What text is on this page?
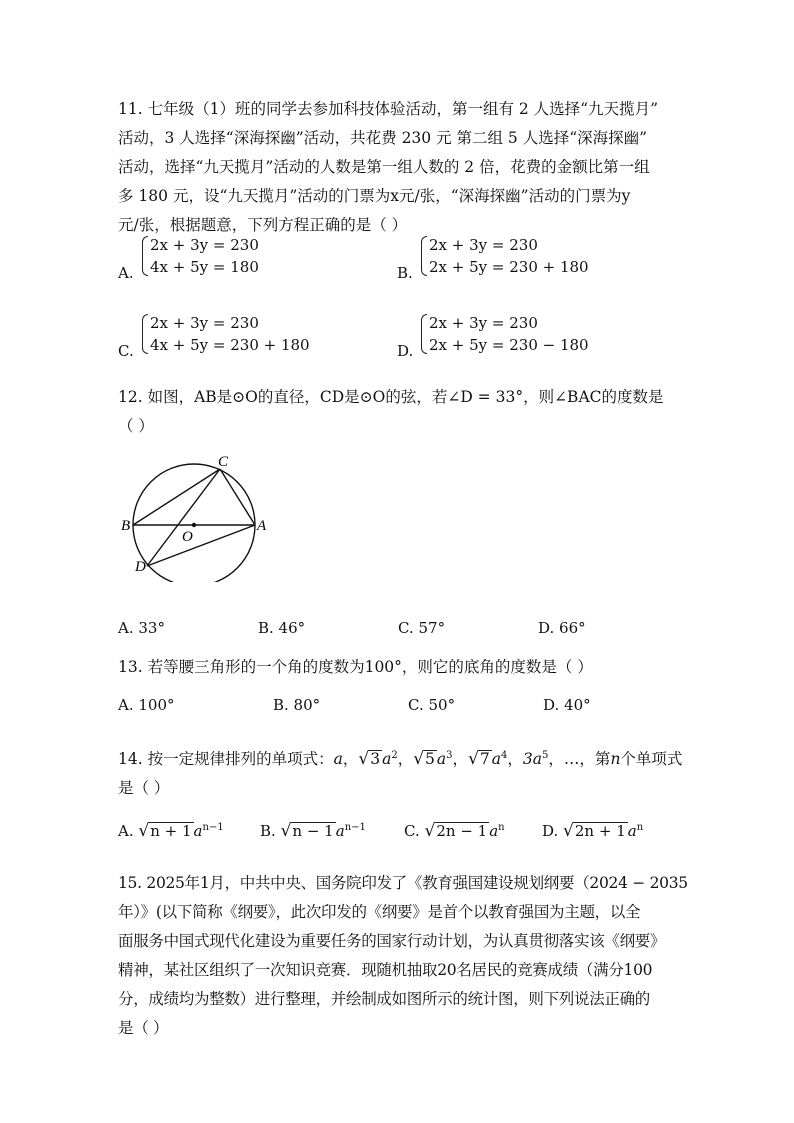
11. 七年级（1）班的同学去参加科技体验活动，第一组有 2 人选择“九天揽月”
活动，3 人选择“深海探幽”活动，共花费 230 元 第二组 5 人选择“深海探幽”
活动，选择“九天揽月”活动的人数是第一组人数的 2 倍，花费的金额比第一组
多 180 元，设“九天揽月”活动的门票为x元/张，“深海探幽”活动的门票为y
元/张，根据题意，下列方程正确的是（ ）
A.
2x + 3y = 230
4x + 5y = 180	B.
2x + 3y = 230
2x + 5y = 230 + 180
C.
2x + 3y = 230
4x + 5y = 230 + 180	D.
2x + 3y = 230
2x + 5y = 230 − 180
12. 如图，AB是⊙O的直径，CD是⊙O的弦，若∠D = 33°，则∠BAC的度数是
（ ）
C
B	A
O
D
A. 33°	B. 46°	C. 57°	D. 66°
13. 若等腰三角形的一个角的度数为100°，则它的底角的度数是（ ）
A. 100°	B. 80°	C. 50°	D. 40°
14. 按一定规律排列的单项式：a，√3 $a^2$，√5 $a^3$，√7 $a^4$，$3a^5$，…，第n个单项式
是（ ）
A. √n + 1 $a^{n-1}$ B. √n − 1 $a^{n-1}$	C. √2n − 1 $a^n$ D. √2n + 1 $a^n$
15. 2025年1月，中共中央、国务院印发了《教育强国建设规划纲要（2024 − 2035
年）》(以下简称《纲要》，此次印发的《纲要》是首个以教育强国为主题，以全
面服务中国式现代化建设为重要任务的国家行动计划，为认真贯彻落实该《纲要》
精神，某社区组织了一次知识竞赛．现随机抽取20名居民的竞赛成绩（满分100
分，成绩均为整数）进行整理，并绘制成如图所示的统计图，则下列说法正确的
是（ ）
